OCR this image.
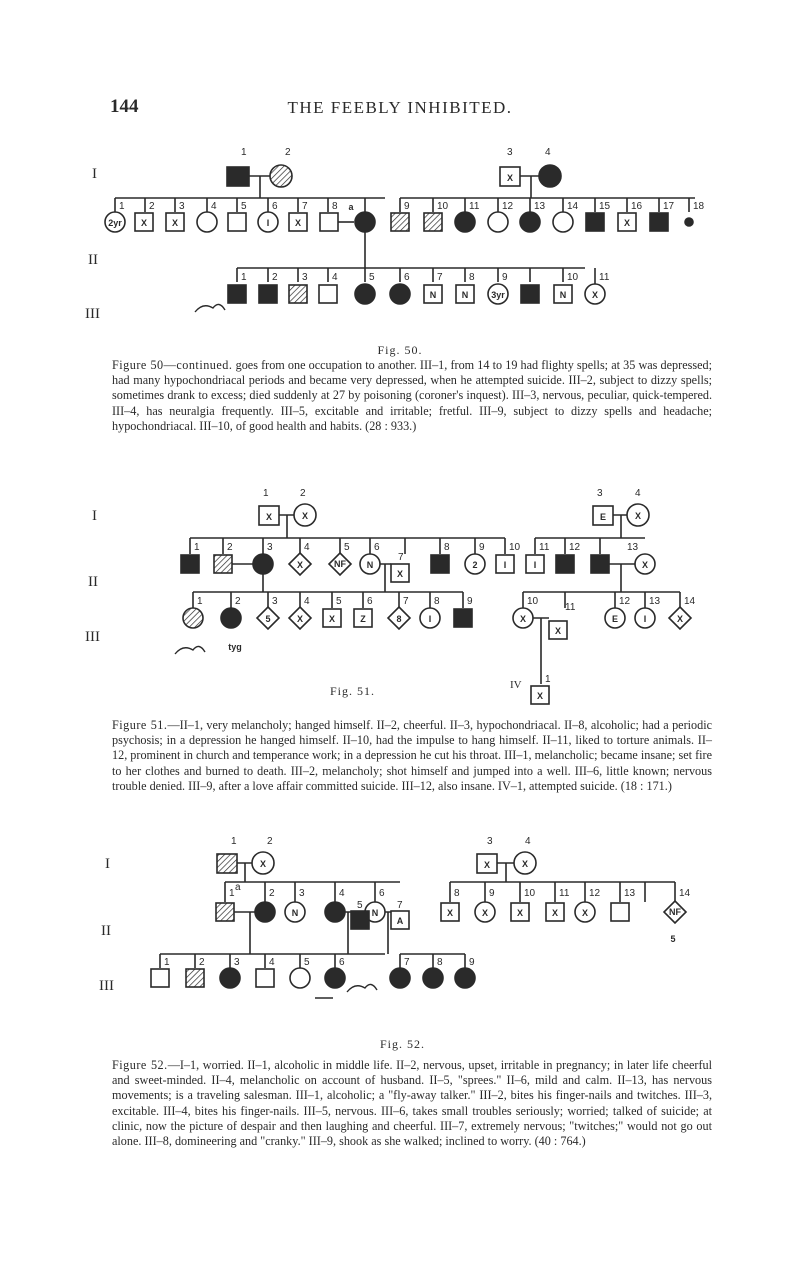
144	THE FEEBLY INHIBITED.
I
II
III
X
2yr X	X	I	X
a
X
1	2	3	4
1 2 3	4 5	6 7 8	9	10 11 12 13 14 15 16 17 18
N	N	3yr	N	X
1	2 3 4	5	6	7	8	9	10 11
Fig. 50.
Figure 50—continued. goes from one occupation to another. III–1, from 14 to 19 had flighty spells; at 35 was depressed; had many hypochondriacal periods and became very depressed, when he attempted suicide. III–2, subject to dizzy spells; sometimes drank to excess; died suddenly at 27 by poisoning (coroner's inquest). III–3, nervous, peculiar, quick-tempered. III–4, has neuralgia frequently. III–5, excitable and irritable; fretful. III–9, subject to dizzy spells and headache; hypochondriacal. III–10, of good health and habits. (28 : 933.)
I
II
III
X	X	E	X
X	NF N
X
2	I	I	X
5	X	X	Z	8	I
tyg
X
X
E	I	X
X
1	2	3	4
1	2	3	4	5 6
7
8	9 10 11 12	13
1	2	3	4	5	6	7	8	9	10
11
12 13 14
1
IV
Fig. 51.
Figure 51.—II–1, very melancholy; hanged himself. II–2, cheerful. II–3, hypochondriacal. II–8, alcoholic; had a periodic psychosis; in a depression he hanged himself. II–10, had the impulse to hang himself. II–11, liked to torture animals. II–12, prominent in church and temperance work; in a depression he cut his throat. III–1, melancholic; became insane; set fire to her clothes and burned to death. III–2, melancholy; shot himself and jumped into a well. III–6, little known; nervous trouble denied. III–9, after a love affair committed suicide. III–12, also insane. IV–1, attempted suicide. (18 : 171.)
I
II
III
X	X	X
N	N
A
X	X	X	X	X	NF
5
1	2	3	4
1
a
2 3	4
5
6
7
8	9	10 11 12 13	14
1	2	3	4	5	6	7	8	9
Fig. 52.
Figure 52.—I–1, worried. II–1, alcoholic in middle life. II–2, nervous, upset, irritable in pregnancy; in later life cheerful and sweet-minded. II–4, melancholic on account of husband. II–5, "sprees." II–6, mild and calm. II–13, has nervous movements; is a traveling salesman. III–1, alcoholic; a "fly-away talker." III–2, bites his finger-nails and twitches. III–3, excitable. III–4, bites his finger-nails. III–5, nervous. III–6, takes small troubles seriously; worried; talked of suicide; at clinic, now the picture of despair and then laughing and cheerful. III–7, extremely nervous; "twitches;" would not go out alone. III–8, domineering and "cranky." III–9, shook as she walked; inclined to worry. (40 : 764.)
